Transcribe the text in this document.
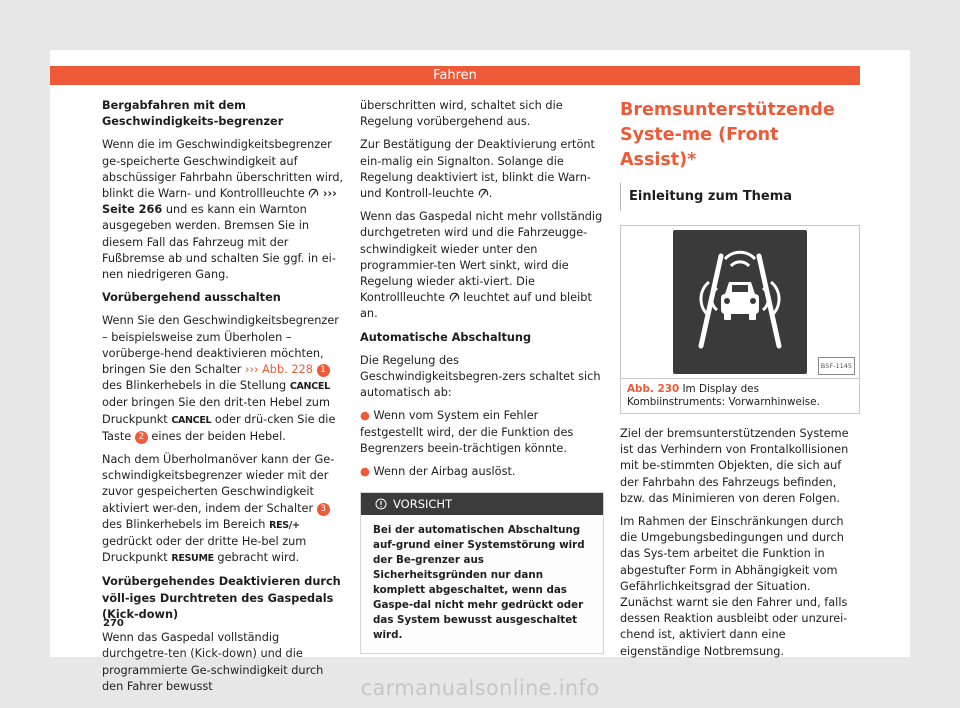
Fahren

Bergabfahren mit dem Geschwindigkeits-begrenzer

Wenn die im Geschwindigkeitsbegrenzer ge-speicherte Geschwindigkeit auf abschüssiger Fahrbahn überschritten wird, blinkt die Warn- und Kontrollleuchte ››› Seite 266 und es kann ein Warnton ausgegeben werden. Bremsen Sie in diesem Fall das Fahrzeug mit der Fußbremse ab und schalten Sie ggf. in ei-nen niedrigeren Gang.

Vorübergehend ausschalten

Wenn Sie den Geschwindigkeitsbegrenzer – beispielsweise zum Überholen – vorüberge-hend deaktivieren möchten, bringen Sie den Schalter ››› Abb. 228 1 des Blinkerhebels in die Stellung CANCEL oder bringen Sie den drit-ten Hebel zum Druckpunkt CANCEL oder drü-cken Sie die Taste 2 eines der beiden Hebel.

Nach dem Überholmanöver kann der Ge-schwindigkeitsbegrenzer wieder mit der zuvor gespeicherten Geschwindigkeit aktiviert wer-den, indem der Schalter 3 des Blinkerhebels im Bereich RES/+ gedrückt oder der dritte He-bel zum Druckpunkt RESUME gebracht wird.

Vorübergehendes Deaktivieren durch völl-iges Durchtreten des Gaspedals (Kick-down)

Wenn das Gaspedal vollständig durchgetre-ten (Kick-down) und die programmierte Ge-schwindigkeit durch den Fahrer bewusst

überschritten wird, schaltet sich die Regelung vorübergehend aus.

Zur Bestätigung der Deaktivierung ertönt ein-malig ein Signalton. Solange die Regelung deaktiviert ist, blinkt die Warn- und Kontroll-leuchte .

Wenn das Gaspedal nicht mehr vollständig durchgetreten wird und die Fahrzeugge-schwindigkeit wieder unter den programmier-ten Wert sinkt, wird die Regelung wieder akti-viert. Die Kontrollleuchte leuchtet auf und bleibt an.

Automatische Abschaltung

Die Regelung des Geschwindigkeitsbegren-zers schaltet sich automatisch ab:

● Wenn vom System ein Fehler festgestellt wird, der die Funktion des Begrenzers beein-trächtigen könnte.

● Wenn der Airbag auslöst.

VORSICHT
Bei der automatischen Abschaltung auf-grund einer Systemstörung wird der Be-grenzer aus Sicherheitsgründen nur dann komplett abgeschaltet, wenn das Gaspe-dal nicht mehr gedrückt oder das System bewusst ausgeschaltet wird.
Bremsunterstützende Syste-me (Front Assist)*
Einleitung zum Thema
B5F-1145
Abb. 230 Im Display des Kombiinstruments: Vorwarnhinweise.

Ziel der bremsunterstützenden Systeme ist das Verhindern von Frontalkollisionen mit be-stimmten Objekten, die sich auf der Fahrbahn des Fahrzeugs befinden, bzw. das Minimieren von deren Folgen.

Im Rahmen der Einschränkungen durch die Umgebungsbedingungen und durch das Sys-tem arbeitet die Funktion in abgestufter Form in Abhängigkeit vom Gefährlichkeitsgrad der Situation. Zunächst warnt sie den Fahrer und, falls dessen Reaktion ausbleibt oder unzurei-chend ist, aktiviert dann eine eigenständige Notbremsung.

270
carmanualsonline.info
